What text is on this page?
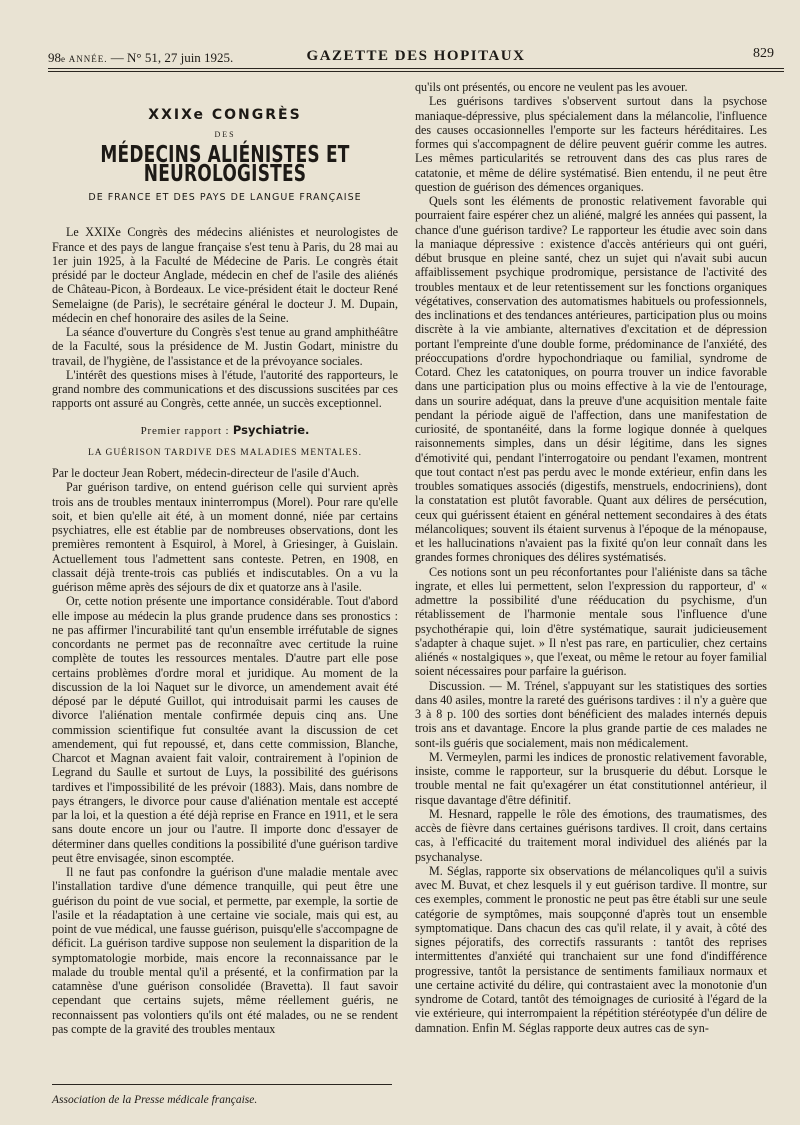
98e ANNÉE. — N° 51, 27 juin 1925.	GAZETTE DES HOPITAUX	829
XXIXe CONGRÈS
DES
MÉDECINS ALIÉNISTES ET NEUROLOGISTES
DE FRANCE ET DES PAYS DE LANGUE FRANÇAISE

Le XXIXe Congrès des médecins aliénistes et neurologistes de France et des pays de langue française s'est tenu à Paris, du 28 mai au 1er juin 1925, à la Faculté de Médecine de Paris. Le congrès était présidé par le docteur Anglade, médecin en chef de l'asile des aliénés de Château-Picon, à Bordeaux. Le vice-président était le docteur René Semelaigne (de Paris), le secrétaire général le docteur J. M. Dupain, médecin en chef honoraire des asiles de la Seine.

La séance d'ouverture du Congrès s'est tenue au grand amphithéâtre de la Faculté, sous la présidence de M. Justin Godart, ministre du travail, de l'hygiène, de l'assistance et de la prévoyance sociales.

L'intérêt des questions mises à l'étude, l'autorité des rapporteurs, le grand nombre des communications et des discussions suscitées par ces rapports ont assuré au Congrès, cette année, un succès exceptionnel.

Premier rapport : Psychiatrie.
LA GUÉRISON TARDIVE DES MALADIES MENTALES.

Par le docteur Jean Robert, médecin-directeur de l'asile d'Auch.

Par guérison tardive, on entend guérison celle qui survient après trois ans de troubles mentaux ininterrompus (Morel). Pour rare qu'elle soit, et bien qu'elle ait été, à un moment donné, niée par certains psychiatres, elle est établie par de nombreuses observations, dont les premières remontent à Esquirol, à Morel, à Griesinger, à Guislain. Actuellement tous l'admettent sans conteste. Petren, en 1908, en classait déjà trente-trois cas publiés et indiscutables. On a vu la guérison même après des séjours de dix et quatorze ans à l'asile.

Or, cette notion présente une importance considérable. Tout d'abord elle impose au médecin la plus grande prudence dans ses pronostics : ne pas affirmer l'incurabilité tant qu'un ensemble irréfutable de signes concordants ne permet pas de reconnaître avec certitude la ruine complète de toutes les ressources mentales. D'autre part elle pose certains problèmes d'ordre moral et juridique. Au moment de la discussion de la loi Naquet sur le divorce, un amendement avait été déposé par le député Guillot, qui introduisait parmi les causes de divorce l'aliénation mentale confirmée depuis cinq ans. Une commission scientifique fut consultée avant la discussion de cet amendement, qui fut repoussé, et, dans cette commission, Blanche, Charcot et Magnan avaient fait valoir, contrairement à l'opinion de Legrand du Saulle et surtout de Luys, la possibilité des guérisons tardives et l'impossibilité de les prévoir (1883). Mais, dans nombre de pays étrangers, le divorce pour cause d'aliénation mentale est accepté par la loi, et la question a été déjà reprise en France en 1911, et le sera sans doute encore un jour ou l'autre. Il importe donc d'essayer de déterminer dans quelles conditions la possibilité d'une guérison tardive peut être envisagée, sinon escomptée.

Il ne faut pas confondre la guérison d'une maladie mentale avec l'installation tardive d'une démence tranquille, qui peut être une guérison du point de vue social, et permette, par exemple, la sortie de l'asile et la réadaptation à une certaine vie sociale, mais qui est, au point de vue médical, une fausse guérison, puisqu'elle s'accompagne de déficit. La guérison tardive suppose non seulement la disparition de la symptomatologie morbide, mais encore la reconnaissance par le malade du trouble mental qu'il a présenté, et la confirmation par la catamnèse d'une guérison consolidée (Bravetta). Il faut savoir cependant que certains sujets, même réellement guéris, ne reconnaissent pas volontiers qu'ils ont été malades, ou ne se rendent pas compte de la gravité des troubles mentaux

qu'ils ont présentés, ou encore ne veulent pas les avouer.

Les guérisons tardives s'observent surtout dans la psychose maniaque-dépressive, plus spécialement dans la mélancolie, l'influence des causes occasionnelles l'emporte sur les facteurs héréditaires. Les formes qui s'accompagnent de délire peuvent guérir comme les autres. Les mêmes particularités se retrouvent dans des cas plus rares de catatonie, et même de délire systématisé. Bien entendu, il ne peut être question de guérison des démences organiques.

Quels sont les éléments de pronostic relativement favorable qui pourraient faire espérer chez un aliéné, malgré les années qui passent, la chance d'une guérison tardive? Le rapporteur les étudie avec soin dans la maniaque dépressive : existence d'accès antérieurs qui ont guéri, début brusque en pleine santé, chez un sujet qui n'avait subi aucun affaiblissement psychique prodromique, persistance de l'activité des troubles mentaux et de leur retentissement sur les fonctions organiques végétatives, conservation des automatismes habituels ou professionnels, des inclinations et des tendances antérieures, participation plus ou moins discrète à la vie ambiante, alternatives d'excitation et de dépression portant l'empreinte d'une double forme, prédominance de l'anxiété, des préoccupations d'ordre hypochondriaque ou familial, syndrome de Cotard. Chez les catatoniques, on pourra trouver un indice favorable dans une participation plus ou moins effective à la vie de l'entourage, dans un sourire adéquat, dans la preuve d'une acquisition mentale faite pendant la période aiguë de l'affection, dans une manifestation de curiosité, de spontanéité, dans la forme logique donnée à quelques raisonnements simples, dans un désir légitime, dans les signes d'émotivité qui, pendant l'interrogatoire ou pendant l'examen, montrent que tout contact n'est pas perdu avec le monde extérieur, enfin dans les troubles somatiques associés (digestifs, menstruels, endocriniens), dont la constatation est plutôt favorable. Quant aux délires de persécution, ceux qui guérissent étaient en général nettement secondaires à des états mélancoliques; souvent ils étaient survenus à l'époque de la ménopause, et les hallucinations n'avaient pas la fixité qu'on leur connaît dans les grandes formes chroniques des délires systématisés.

Ces notions sont un peu réconfortantes pour l'aliéniste dans sa tâche ingrate, et elles lui permettent, selon l'expression du rapporteur, d' « admettre la possibilité d'une rééducation du psychisme, d'un rétablissement de l'harmonie mentale sous l'influence d'une psychothérapie qui, loin d'être systématique, saurait judicieusement s'adapter à chaque sujet. » Il n'est pas rare, en particulier, chez certains aliénés « nostalgiques », que l'exeat, ou même le retour au foyer familial soient nécessaires pour parfaire la guérison.

Discussion. — M. Trénel, s'appuyant sur les statistiques des sorties dans 40 asiles, montre la rareté des guérisons tardives : il n'y a guère que 3 à 8 p. 100 des sorties dont bénéficient des malades internés depuis trois ans et davantage. Encore la plus grande partie de ces malades ne sont-ils guéris que socialement, mais non médicalement.

M. Vermeylen, parmi les indices de pronostic relativement favorable, insiste, comme le rapporteur, sur la brusquerie du début. Lorsque le trouble mental ne fait qu'exagérer un état constitutionnel antérieur, il risque davantage d'être définitif.

M. Hesnard, rappelle le rôle des émotions, des traumatismes, des accès de fièvre dans certaines guérisons tardives. Il croit, dans certains cas, à l'efficacité du traitement moral individuel des aliénés par la psychanalyse.

M. Séglas, rapporte six observations de mélancoliques qu'il a suivis avec M. Buvat, et chez lesquels il y eut guérison tardive. Il montre, sur ces exemples, comment le pronostic ne peut pas être établi sur une seule catégorie de symptômes, mais soupçonné d'après tout un ensemble symptomatique. Dans chacun des cas qu'il relate, il y avait, à côté des signes péjoratifs, des correctifs rassurants : tantôt des reprises intermittentes d'anxiété qui tranchaient sur une fond d'indifférence progressive, tantôt la persistance de sentiments familiaux normaux et une certaine activité du délire, qui contrastaient avec la monotonie d'un syndrome de Cotard, tantôt des témoignages de curiosité à l'égard de la vie extérieure, qui interrompaient la répétition stéréotypée d'un délire de damnation. Enfin M. Séglas rapporte deux autres cas de syn-

Association de la Presse médicale française.
